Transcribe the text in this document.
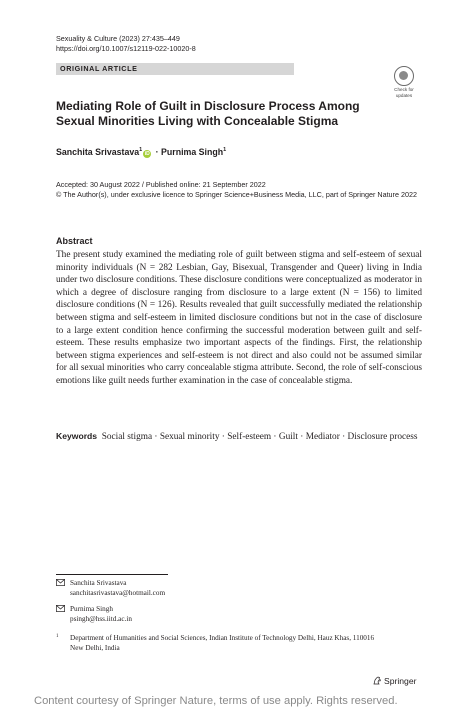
Sexuality & Culture (2023) 27:435–449
https://doi.org/10.1007/s12119-022-10020-8
ORIGINAL ARTICLE
Check for
updates
Mediating Role of Guilt in Disclosure Process Among Sexual Minorities Living with Concealable Stigma
Sanchita Srivastava$^1$iD · Purnima Singh$^1$
Accepted: 30 August 2022 / Published online: 21 September 2022
© The Author(s), under exclusive licence to Springer Science+Business Media, LLC, part of Springer Nature 2022
Abstract
The present study examined the mediating role of guilt between stigma and self-esteem of sexual minority individuals (N = 282 Lesbian, Gay, Bisexual, Transgender and Queer) living in India under two disclosure conditions. These disclosure conditions were conceptualized as moderator in which a degree of disclosure ranging from disclosure to a large extent (N = 156) to limited disclosure conditions (N = 126). Results revealed that guilt successfully mediated the relationship between stigma and self-esteem in limited disclosure conditions but not in the case of disclosure to a large extent condition hence confirming the successful moderation between guilt and self-esteem. These results emphasize two important aspects of the findings. First, the relationship between stigma experiences and self-esteem is not direct and also could not be assumed similar for all sexual minorities who carry concealable stigma attribute. Second, the role of self-conscious emotions like guilt needs further examination in the case of concealable stigma.
Keywords Social stigma · Sexual minority · Self-esteem · Guilt · Mediator · Disclosure process
Sanchita Srivastava
sanchitasrivastava@hotmail.com
Purnima Singh
psingh@hss.iitd.ac.in
1 Department of Humanities and Social Sciences, Indian Institute of Technology Delhi, Hauz Khas, 110016 New Delhi, India
Springer
Content courtesy of Springer Nature, terms of use apply. Rights reserved.
